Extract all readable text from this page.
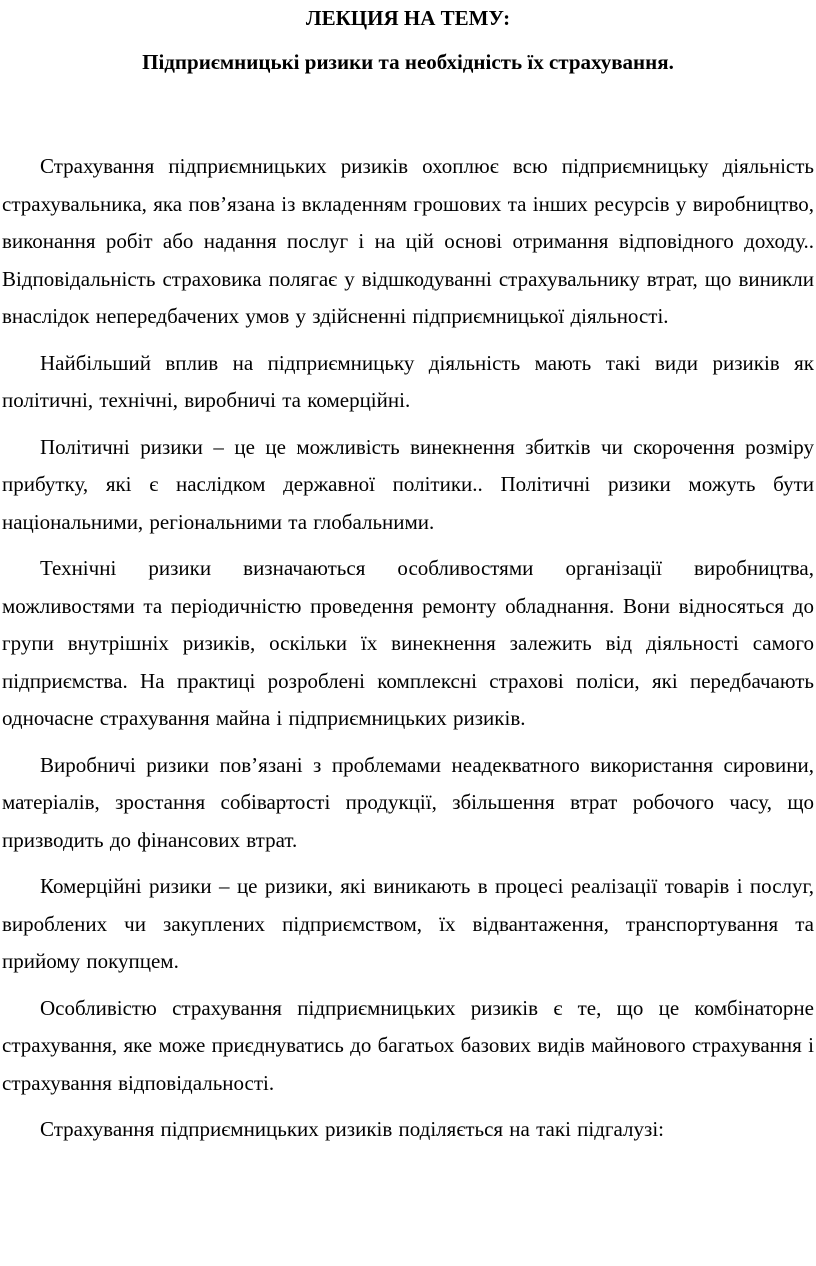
ЛЕКЦИЯ НА ТЕМУ:
Підприємницькі ризики та необхідність їх страхування.

Страхування підприємницьких ризиків охоплює всю підприємницьку діяльність страхувальника, яка пов’язана із вкладенням грошових та інших ресурсів у виробництво, виконання робіт або надання послуг і на цій основі отримання відповідного доходу.. Відповідальність страховика полягає у відшкодуванні страхувальнику втрат, що виникли внаслідок непередбачених умов у здійсненні підприємницької діяльності.

Найбільший вплив на підприємницьку діяльність мають такі види ризиків як політичні, технічні, виробничі та комерційні.

Політичні ризики – це це можливість винекнення збитків чи скорочення розміру прибутку, які є наслідком державної політики.. Політичні ризики можуть бути національними, регіональними та глобальними.

Технічні ризики визначаються особливостями організації виробництва, можливостями та періодичністю проведення ремонту обладнання. Вони відносяться до групи внутрішніх ризиків, оскільки їх винекнення залежить від діяльності самого підприємства. На практиці розроблені комплексні страхові поліси, які передбачають одночасне страхування майна і підприємницьких ризиків.

Виробничі ризики пов’язані з проблемами неадекватного використання сировини, матеріалів, зростання собівартості продукції, збільшення втрат робочого часу, що призводить до фінансових втрат.

Комерційні ризики – це ризики, які виникають в процесі реалізації товарів і послуг, вироблених чи закуплених підприємством, їх відвантаження, транспортування та прийому покупцем.

Особливістю страхування підприємницьких ризиків є те, що це комбінаторне страхування, яке може приєднуватись до багатьох базових видів майнового страхування і страхування відповідальності.

Страхування підприємницьких ризиків поділяється на такі підгалузі:
